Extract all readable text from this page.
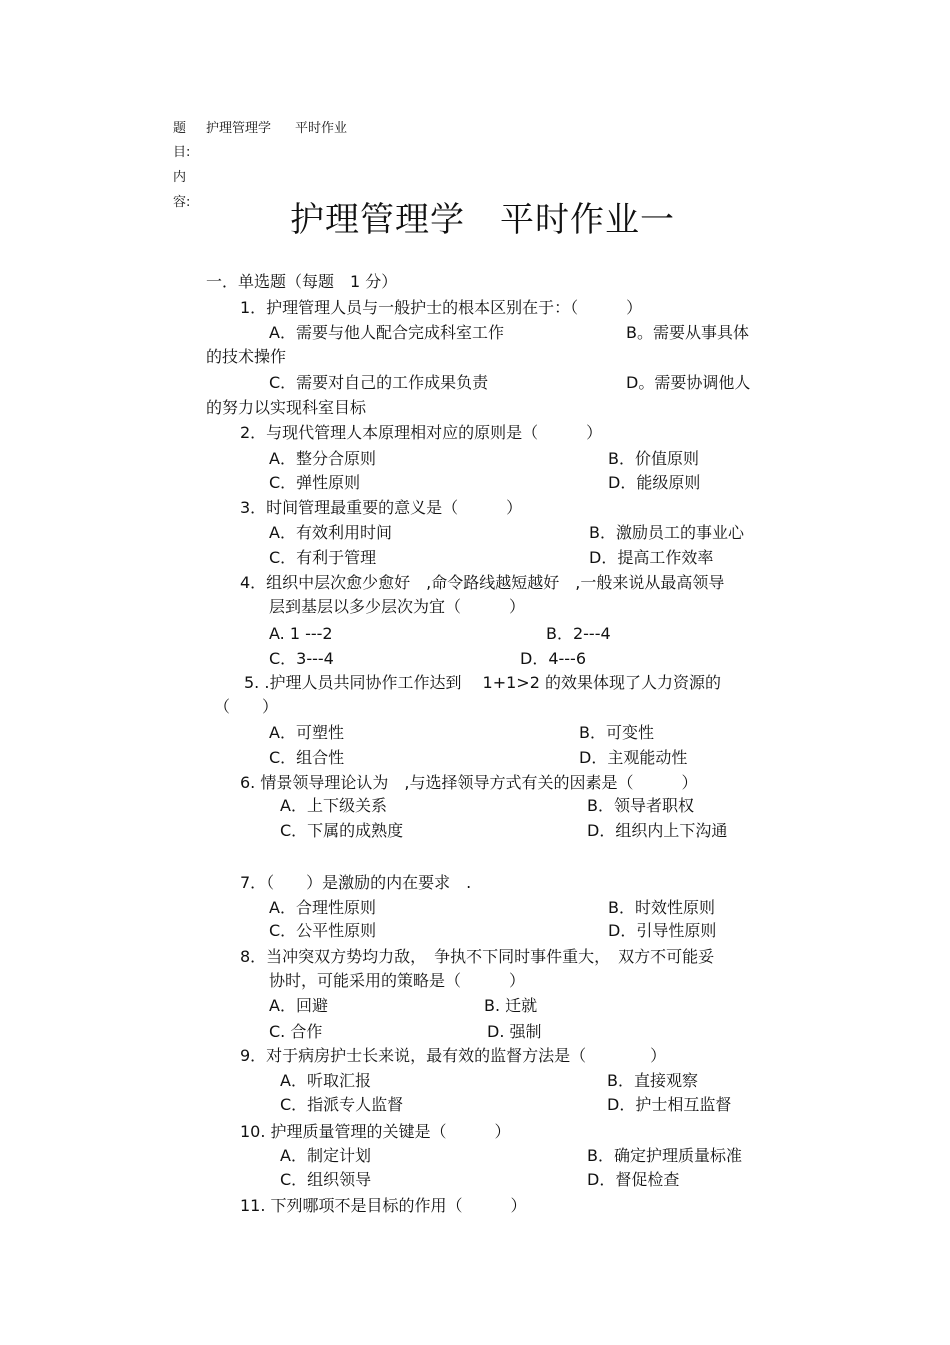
题
目:
内
容:
护理管理学 平时作业
护理管理学　平时作业一
一．单选题（每题　1 分）
1．护理管理人员与一般护士的根本区别在于：（　　　）
A．需要与他人配合完成科室工作	B。需要从事具体
的技术操作
C．需要对自己的工作成果负责	D。需要协调他人
的努力以实现科室目标
2．与现代管理人本原理相对应的原则是（　　　）
A．整分合原则	B．价值原则
C．弹性原则	D．能级原则
3．时间管理最重要的意义是（　　　）
A．有效利用时间	B．激励员工的事业心
C．有利于管理	D．提高工作效率
4．组织中层次愈少愈好　,命令路线越短越好　,一般来说从最高领导
层到基层以多少层次为宜（　　　）
A. 1 ---2	B．2---4
C．3---4	D．4---6
5. .护理人员共同协作工作达到　 1+1>2 的效果体现了人力资源的
（　　）
A．可塑性	B．可变性
C．组合性	D．主观能动性
6. 情景领导理论认为　,与选择领导方式有关的因素是（　　　）
A．上下级关系	B．领导者职权
C．下属的成熟度	D．组织内上下沟通
7．（　　）是激励的内在要求　.
A．合理性原则	B．时效性原则
C．公平性原则	D．引导性原则
8．当冲突双方势均力敌，　争执不下同时事件重大，　双方不可能妥
协时，可能采用的策略是（　　　）
A．回避	B. 迁就
C. 合作	D. 强制
9．对于病房护士长来说，最有效的监督方法是（　　　　）
A．听取汇报	B．直接观察
C．指派专人监督	D．护士相互监督
10. 护理质量管理的关键是（　　　）
A．制定计划	B．确定护理质量标准
C．组织领导	D．督促检查
11. 下列哪项不是目标的作用（　　　）
